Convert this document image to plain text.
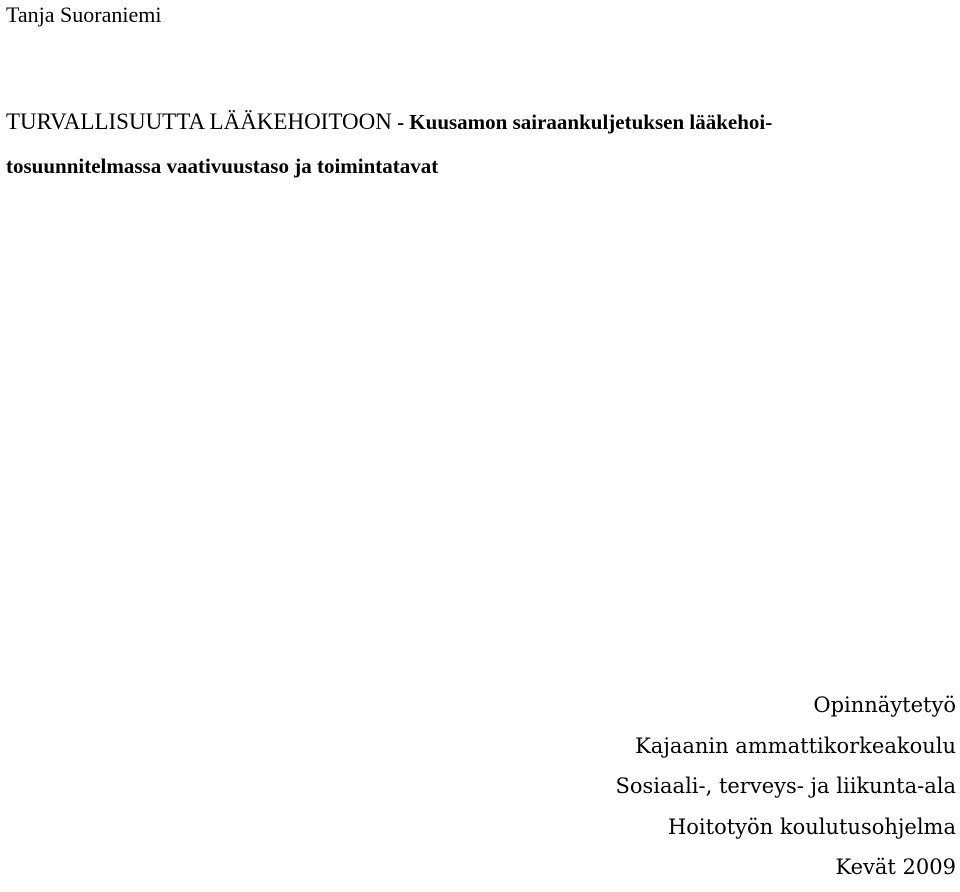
Tanja Suoraniemi
TURVALLISUUTTA LÄÄKEHOITOON - Kuusamon sairaankuljetuksen lääkehoi-
tosuunnitelmassa vaativuustaso ja toimintatavat
Opinnäytetyö
Kajaanin ammattikorkeakoulu
Sosiaali-, terveys- ja liikunta-ala
Hoitotyön koulutusohjelma
Kevät 2009
